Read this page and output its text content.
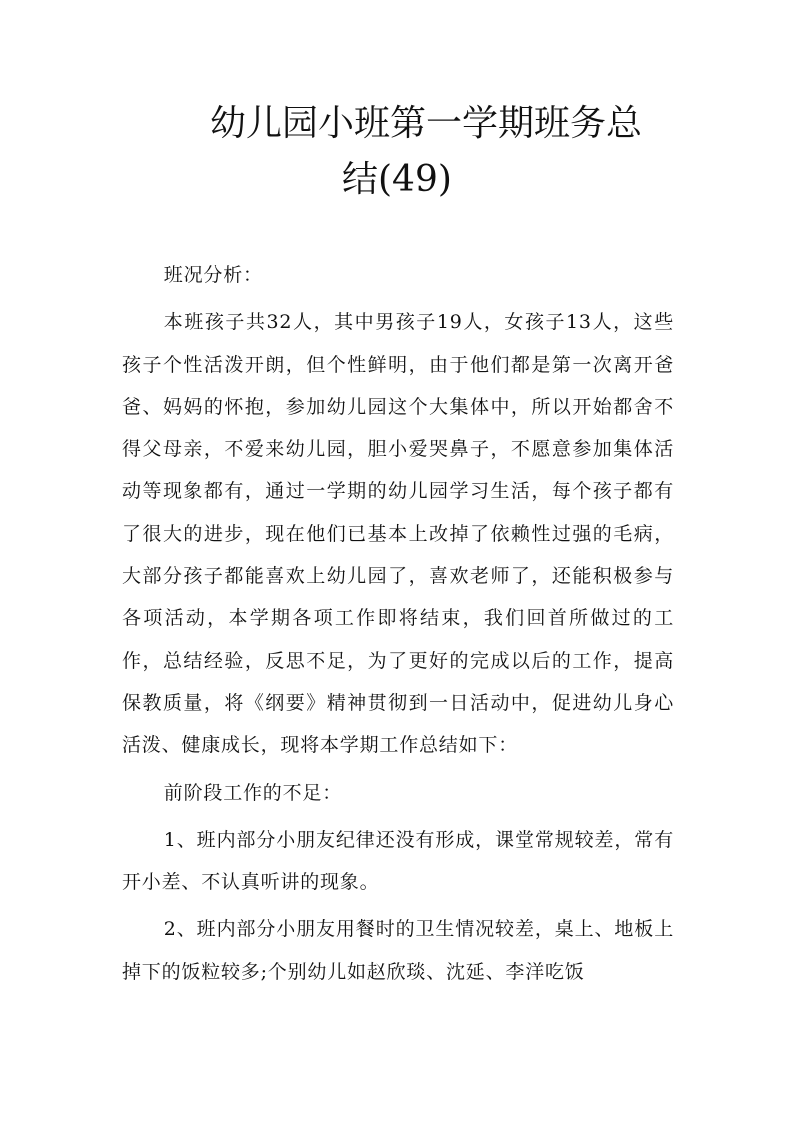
幼儿园小班第一学期班务总
结(49)

班况分析：

本班孩子共32人，其中男孩子19人，女孩子13人，这些孩子个性活泼开朗，但个性鲜明，由于他们都是第一次离开爸爸、妈妈的怀抱，参加幼儿园这个大集体中，所以开始都舍不得父母亲，不爱来幼儿园，胆小爱哭鼻子，不愿意参加集体活动等现象都有，通过一学期的幼儿园学习生活，每个孩子都有了很大的进步，现在他们已基本上改掉了依赖性过强的毛病，大部分孩子都能喜欢上幼儿园了，喜欢老师了，还能积极参与各项活动，本学期各项工作即将结束，我们回首所做过的工作，总结经验，反思不足，为了更好的完成以后的工作，提高保教质量，将《纲要》精神贯彻到一日活动中，促进幼儿身心活泼、健康成长，现将本学期工作总结如下：

前阶段工作的不足：

1、班内部分小朋友纪律还没有形成，课堂常规较差，常有开小差、不认真听讲的现象。

2、班内部分小朋友用餐时的卫生情况较差，桌上、地板上掉下的饭粒较多;个别幼儿如赵欣琰、沈延、李洋吃饭
